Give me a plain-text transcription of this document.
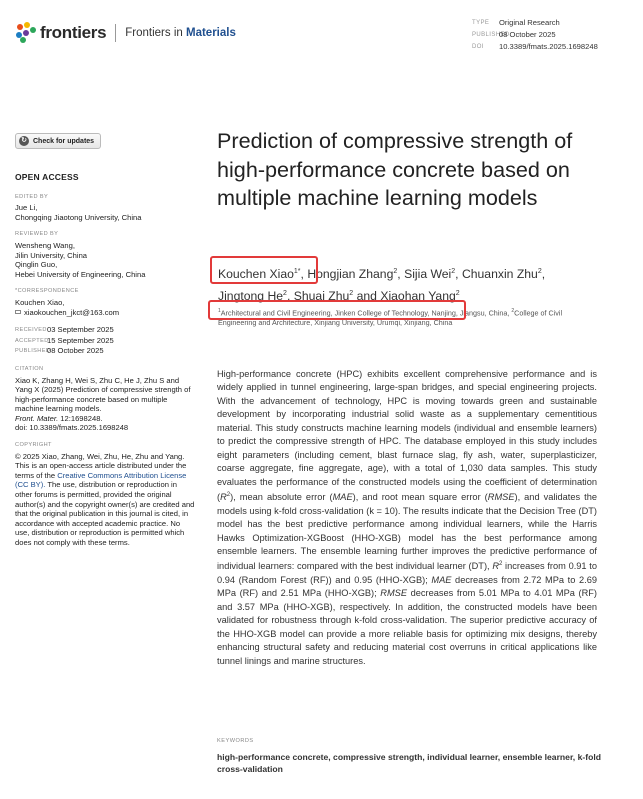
frontiers Frontiers in Materials
TYPE	Original Research
PUBLISHED
08 October 2025
DOI	10.3389/fmats.2025.1698248
↻ Check for updates
OPEN ACCESS
EDITED BY
Jue Li,
Chongqing Jiaotong University, China
REVIEWED BY
Wensheng Wang,
Jilin University, China
Qinglin Guo,
Hebei University of Engineering, China
*CORRESPONDENCE
Kouchen Xiao,
xiaokouchen_jkct@163.com
RECEIVED 03 September 2025
ACCEPTED
15 September 2025
PUBLISHED
08 October 2025
CITATION
Xiao K, Zhang H, Wei S, Zhu C, He J, Zhu S and Yang X (2025) Prediction of compressive strength of high-performance concrete based on multiple machine learning models.
Front. Mater. 12:1698248.
doi: 10.3389/fmats.2025.1698248
COPYRIGHT
© 2025 Xiao, Zhang, Wei, Zhu, He, Zhu and Yang. This is an open-access article distributed under the terms of the Creative Commons Attribution License (CC BY). The use, distribution or reproduction in other forums is permitted, provided the original author(s) and the copyright owner(s) are credited and that the original publication in this journal is cited, in accordance with accepted academic practice. No use, distribution or reproduction is permitted which does not comply with these terms.
Prediction of compressive strength of high-performance concrete based on multiple machine learning models
Kouchen Xiao$^{1*}$, Hongjian Zhang$^2$, Sijia Wei$^2$, Chuanxin Zhu$^2$,
Jingtong He$^2$, Shuai Zhu$^2$ and Xiaohan Yang$^2$
$^1$Architectural and Civil Engineering, Jinken College of Technology, Nanjing, Jiangsu, China, $^2$College of Civil Engineering and Architecture, Xinjiang University, Urumqi, Xinjiang, China
High-performance concrete (HPC) exhibits excellent comprehensive performance and is widely applied in tunnel engineering, large-span bridges, and special engineering projects. With the advancement of technology, HPC is moving towards green and sustainable development by incorporating industrial solid waste as a supplementary cementitious material. This study constructs machine learning models (individual and ensemble learners) to predict the compressive strength of HPC. The database employed in this study includes eight parameters (including cement, blast furnace slag, fly ash, water, superplasticizer, coarse aggregate, fine aggregate, age), with a total of 1,030 data samples. This study evaluates the performance of the constructed models using the coefficient of determination $(R^2)$, mean absolute error (MAE), and root mean square error (RMSE), and validates the models using k-fold cross-validation (k = 10). The results indicate that the Decision Tree (DT) model has the best predictive performance among individual learners, while the Harris Hawks Optimization-XGBoost (HHO-XGB) model has the best performance among ensemble learners. The ensemble learning further improves the predictive performance of individual learners: compared with the best individual learner (DT), $R^2$ increases from 0.91 to 0.94 (Random Forest (RF)) and 0.95 (HHO-XGB); MAE decreases from 2.72 MPa to 2.69 MPa (RF) and 2.51 MPa (HHO-XGB); RMSE decreases from 5.01 MPa to 4.01 MPa (RF) and 3.57 MPa (HHO-XGB), respectively. In addition, the constructed models have been validated for robustness through k-fold cross-validation. The superior predictive accuracy of the HHO-XGB model can provide a more reliable basis for optimizing mix designs, thereby enhancing structural safety and reducing material cost overruns in critical applications like tunnel linings and marine structures.
KEYWORDS
high-performance concrete, compressive strength, individual learner, ensemble learner, k-fold cross-validation
